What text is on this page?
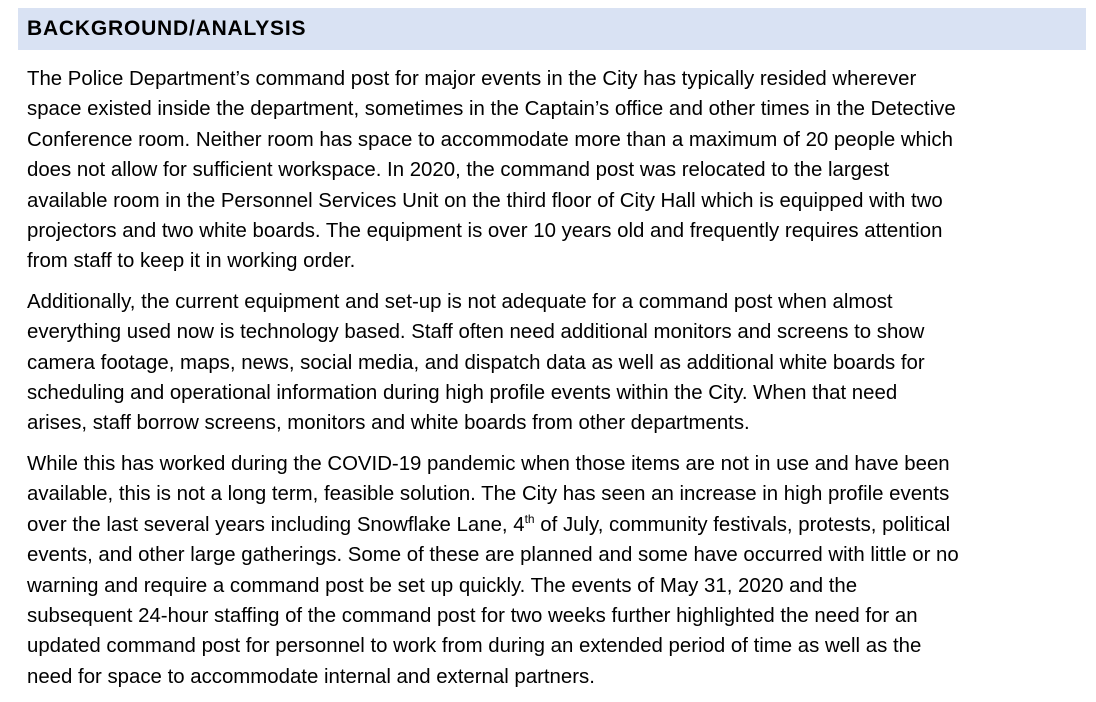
BACKGROUND/ANALYSIS

The Police Department’s command post for major events in the City has typically resided wherever
space existed inside the department, sometimes in the Captain’s office and other times in the Detective
Conference room. Neither room has space to accommodate more than a maximum of 20 people which
does not allow for sufficient workspace. In 2020, the command post was relocated to the largest
available room in the Personnel Services Unit on the third floor of City Hall which is equipped with two
projectors and two white boards. The equipment is over 10 years old and frequently requires attention
from staff to keep it in working order.

Additionally, the current equipment and set-up is not adequate for a command post when almost
everything used now is technology based. Staff often need additional monitors and screens to show
camera footage, maps, news, social media, and dispatch data as well as additional white boards for
scheduling and operational information during high profile events within the City. When that need
arises, staff borrow screens, monitors and white boards from other departments.

While this has worked during the COVID-19 pandemic when those items are not in use and have been
available, this is not a long term, feasible solution. The City has seen an increase in high profile events
over the last several years including Snowflake Lane, 4th of July, community festivals, protests, political
events, and other large gatherings. Some of these are planned and some have occurred with little or no
warning and require a command post be set up quickly. The events of May 31, 2020 and the
subsequent 24-hour staffing of the command post for two weeks further highlighted the need for an
updated command post for personnel to work from during an extended period of time as well as the
need for space to accommodate internal and external partners.
